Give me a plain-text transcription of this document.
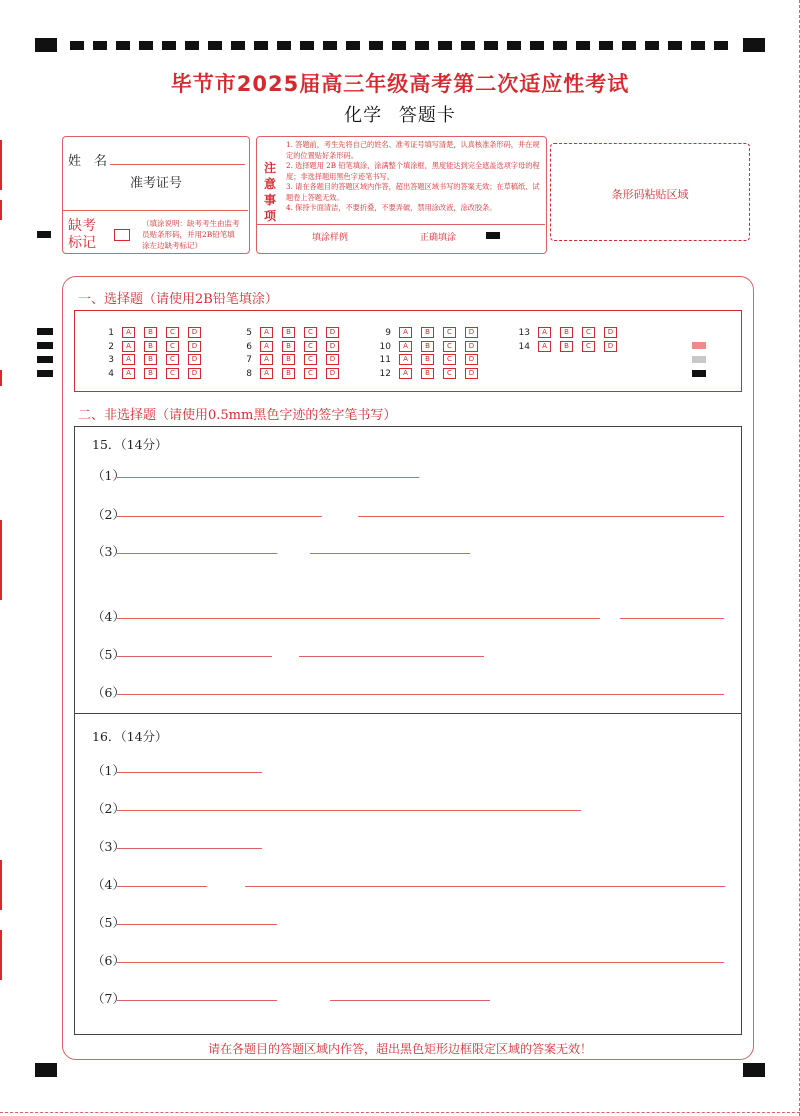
毕节市2025届高三年级高考第二次适应性考试
化学 答题卡
姓　名
准考证号
缺考
标记
（填涂说明：缺考考生由监考员贴条形码，并用2B铅笔填涂左边缺考标记）
注
意
事
项
1. 答题前，考生先将自己的姓名、准考证号填写清楚，认真核准条形码，并在规定的位置贴好条形码。
2. 选择题用 2B 铅笔填涂，涂满整个填涂框，黑度能达到完全遮盖选项字母的程度；非选择题用黑色字迹笔书写。
3. 请在各题目的答题区域内作答，超出答题区域书写的答案无效；在草稿纸、试题卷上答题无效。
4. 保持卡面清洁，不要折叠，不要弄破，禁用涂改液，涂改胶条。
填涂样例	正确填涂
条形码粘贴区域
一、选择题（请使用2B铅笔填涂）
1 A B C D
2 A B C D
3 A B C D
4 A B C D
5 A B C D
6 A B C D
7 A B C D
8 A B C D
9 A B C D
10 A B C D
11 A B C D
12 A B C D
13 A B C D
14 A B C D
二、非选择题（请使用0.5mm黑色字迹的签字笔书写）
15．（14分）
（1）
（2）
（3）
（4）
（5）
（6）
16．（14分）
（1）
（2）
（3）
（4）
（5）
（6）
（7）
请在各题目的答题区域内作答，超出黑色矩形边框限定区域的答案无效！
